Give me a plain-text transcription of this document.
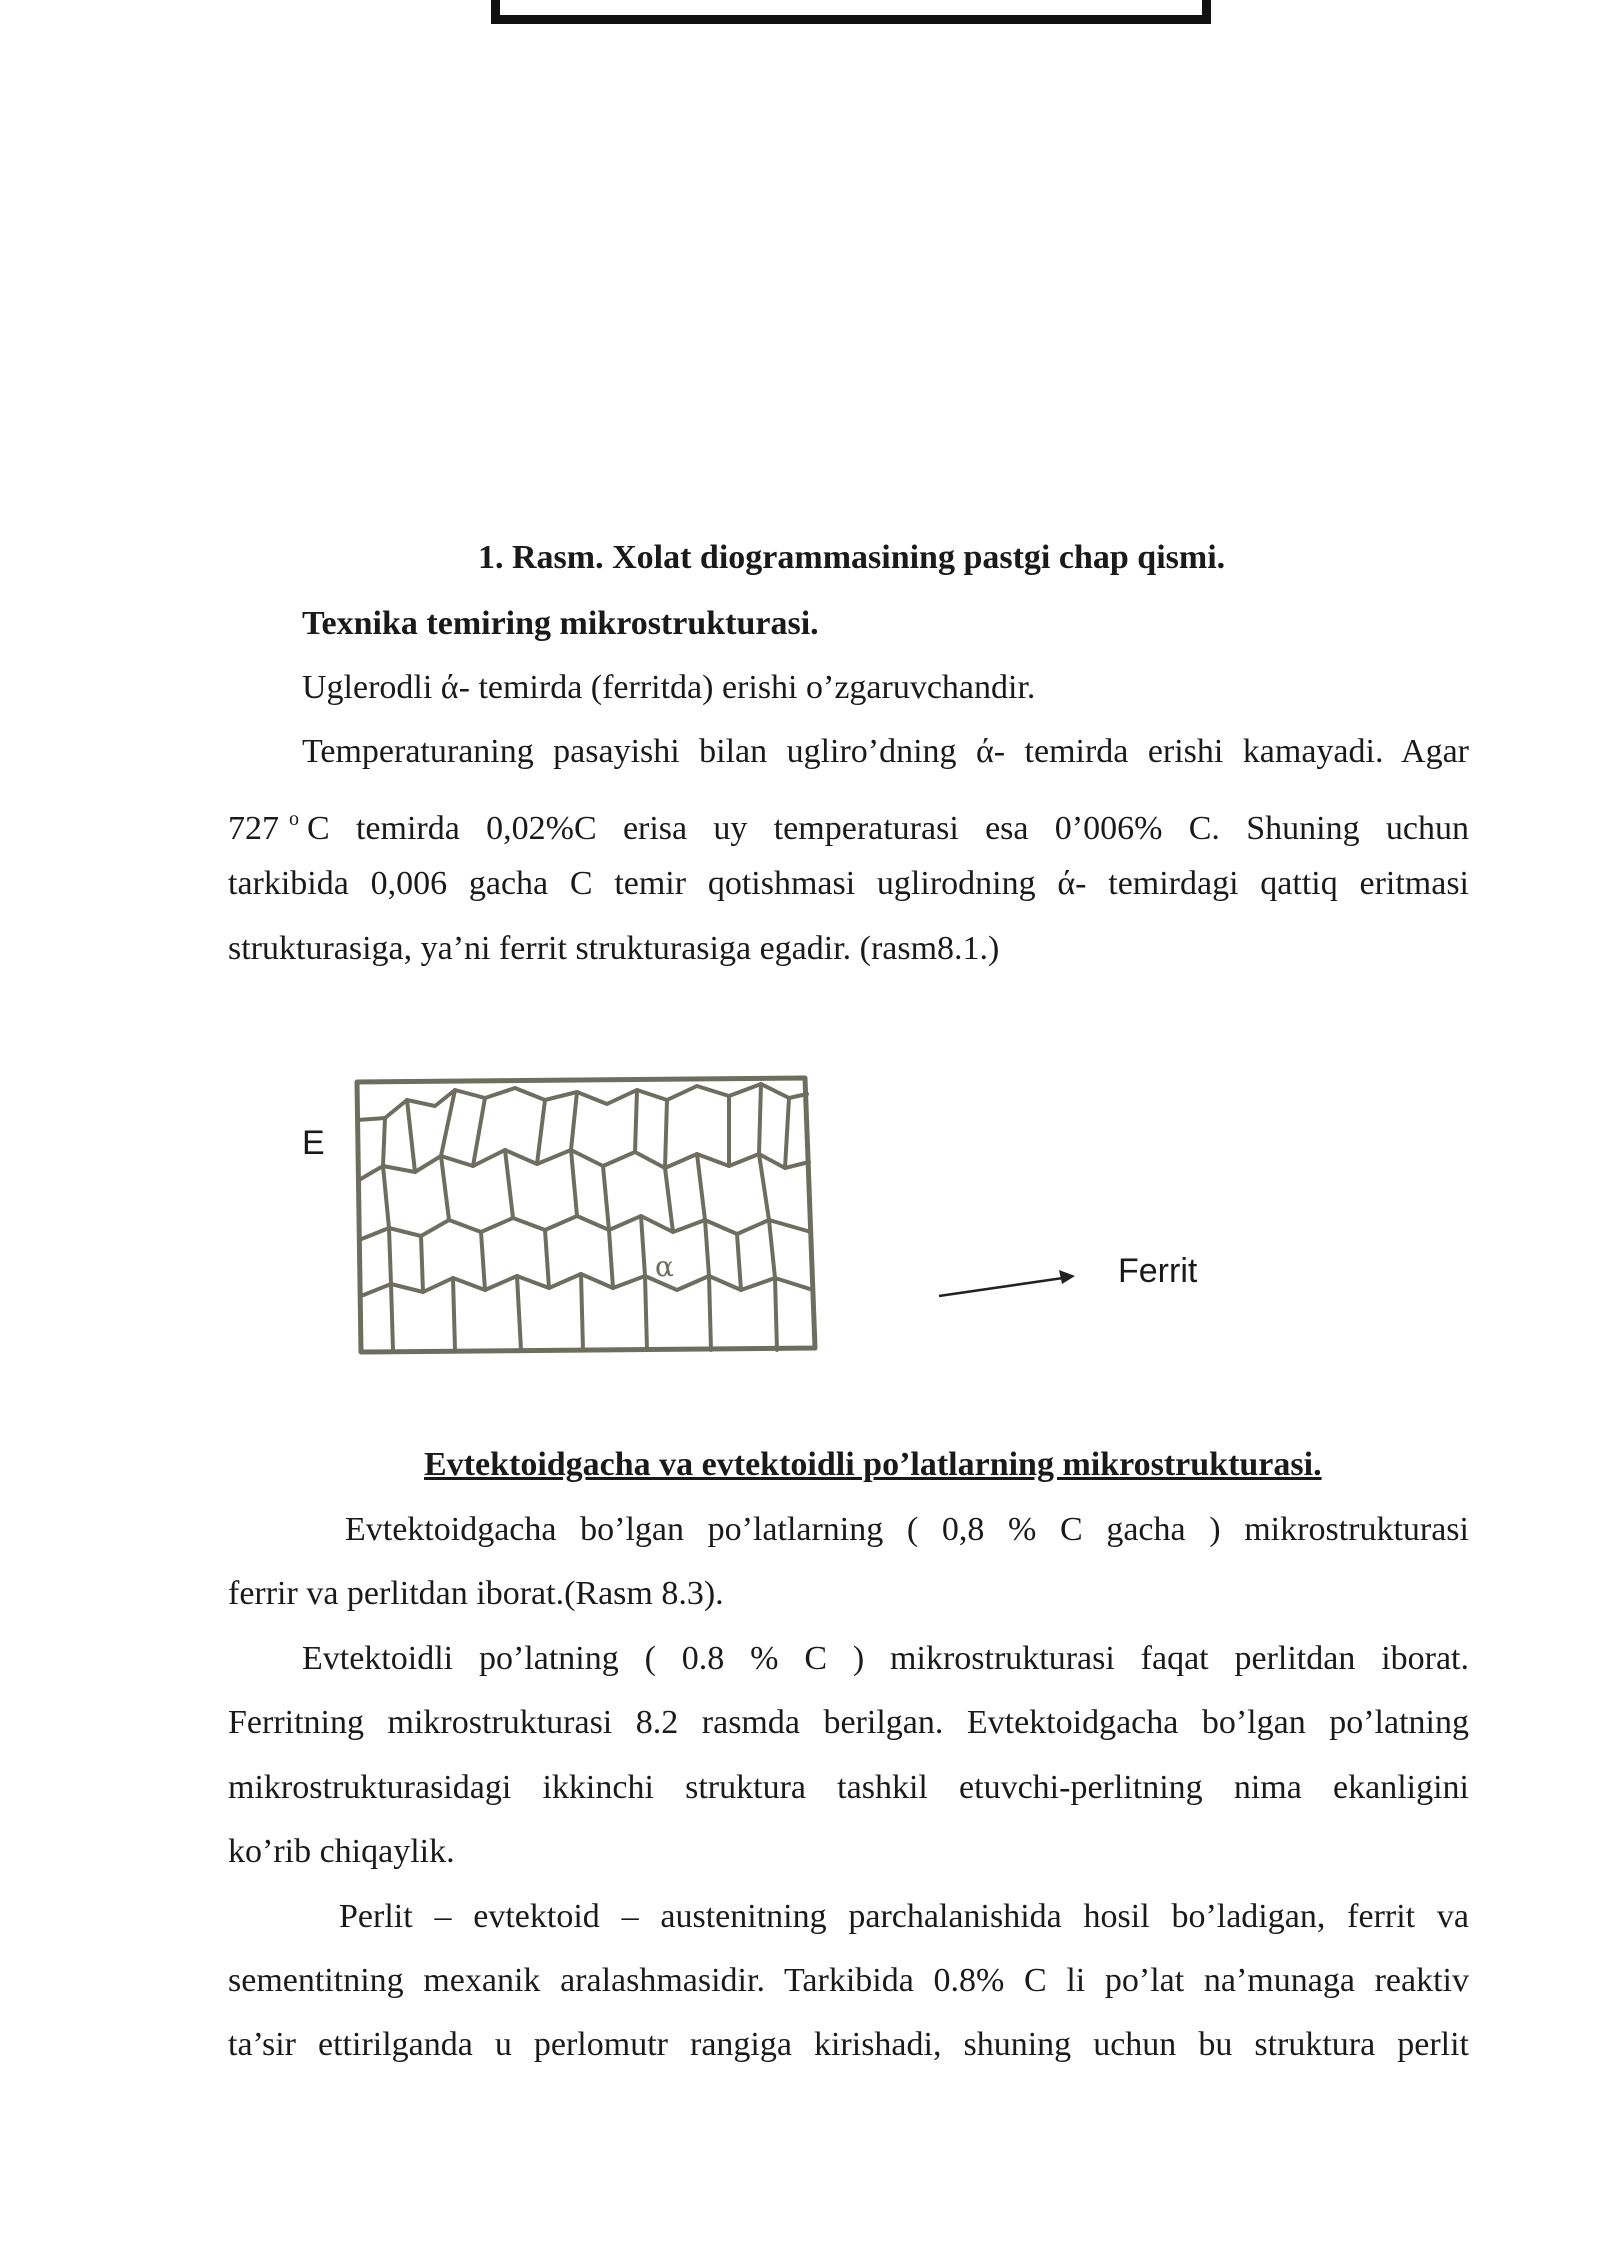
1. Rasm. Xolat diogrammasining pastgi chap qismi.
Texnika temiring mikrostrukturasi.
Uglerodli ά- temirda (ferritda) erishi o’zgaruvchandir.
Temperaturaning pasayishi bilan ugliro’dning ά- temirda erishi kamayadi. Agar
727 $^o$ C temirda 0,02%C erisa uy temperaturasi esa 0’006% C. Shuning uchun
tarkibida 0,006 gacha C temir qotishmasi uglirodning ά- temirdagi qattiq eritmasi
strukturasiga, ya’ni ferrit strukturasiga egadir. (rasm8.1.)
E
α	Ferrit
Evtektoidgacha va evtektoidli po’latlarning mikrostrukturasi.
Evtektoidgacha bo’lgan po’latlarning ( 0,8 % C gacha ) mikrostrukturasi
ferrir va perlitdan iborat.(Rasm 8.3).
Evtektoidli po’latning ( 0.8 % C ) mikrostrukturasi faqat perlitdan iborat.
Ferritning mikrostrukturasi 8.2 rasmda berilgan. Evtektoidgacha bo’lgan po’latning
mikrostrukturasidagi ikkinchi struktura tashkil etuvchi-perlitning nima ekanligini
ko’rib chiqaylik.
Perlit – evtektoid – austenitning parchalanishida hosil bo’ladigan, ferrit va
sementitning mexanik aralashmasidir. Tarkibida 0.8% C li po’lat na’munaga reaktiv
ta’sir ettirilganda u perlomutr rangiga kirishadi, shuning uchun bu struktura perlit
